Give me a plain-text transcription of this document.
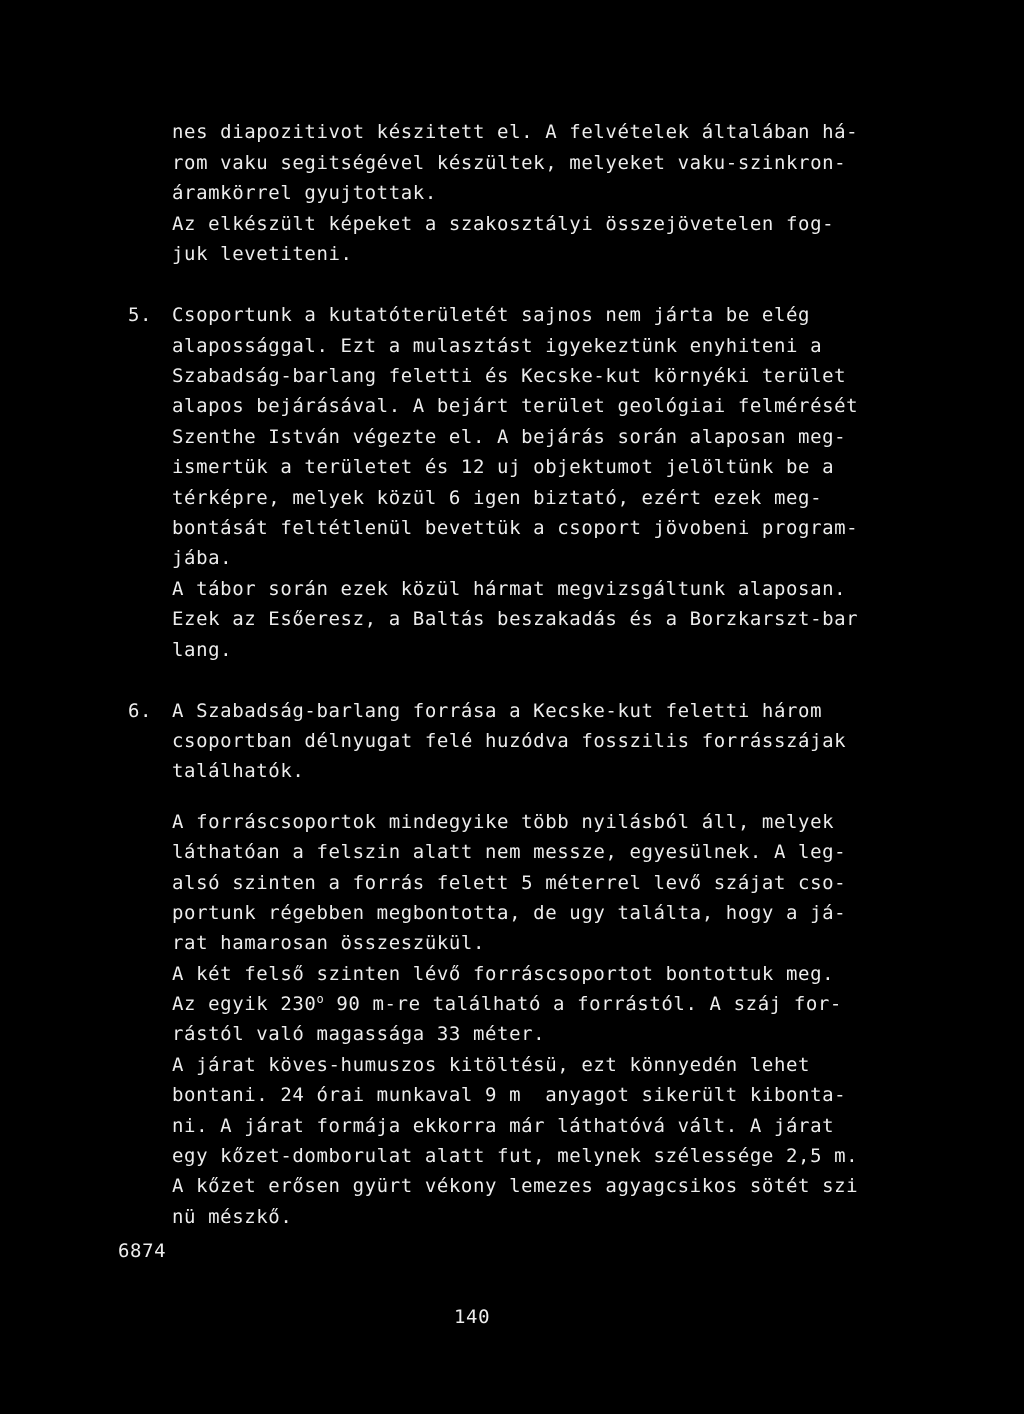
nes diapozitivot készitett el. A felvételek általában há-
rom vaku segitségével készültek, melyeket vaku-szinkron-
áramkörrel gyujtottak.
Az elkészült képeket a szakosztályi összejövetelen fog-
juk levetiteni.
5. Csoportunk a kutatóterületét sajnos nem járta be elég
alapossággal. Ezt a mulasztást igyekeztünk enyhiteni a
Szabadság-barlang feletti és Kecske-kut környéki terület
alapos bejárásával. A bejárt terület geológiai felmérését
Szenthe István végezte el. A bejárás során alaposan meg-
ismertük a területet és 12 uj objektumot jelöltünk be a
térképre, melyek közül 6 igen biztató, ezért ezek meg-
bontását feltétlenül bevettük a csoport jövobeni program-
jába.
A tábor során ezek közül hármat megvizsgáltunk alaposan.
Ezek az Esőeresz, a Baltás beszakadás és a Borzkarszt-bar
lang.
6. A Szabadság-barlang forrása a Kecske-kut feletti három
csoportban délnyugat felé huzódva fosszilis forrásszájak
találhatók.
A forráscsoportok mindegyike több nyilásból áll, melyek
láthatóan a felszin alatt nem messze, egyesülnek. A leg-
alsó szinten a forrás felett 5 méterrel levő szájat cso-
portunk régebben megbontotta, de ugy találta, hogy a já-
rat hamarosan összeszükül.
A két felső szinten lévő forráscsoportot bontottuk meg.
Az egyik 230$^o$ 90 m-re található a forrástól. A száj for-
rástól való magassága 33 méter.
A járat köves-humuszos kitöltésü, ezt könnyedén lehet
bontani. 24 órai munkaval 9 m  anyagot sikerült kibonta-
ni. A járat formája ekkorra már láthatóvá vált. A járat
egy kőzet-domborulat alatt fut, melynek szélessége 2,5 m.
A kőzet erősen gyürt vékony lemezes agyagcsikos sötét szi
nü mészkő.
6874
140
